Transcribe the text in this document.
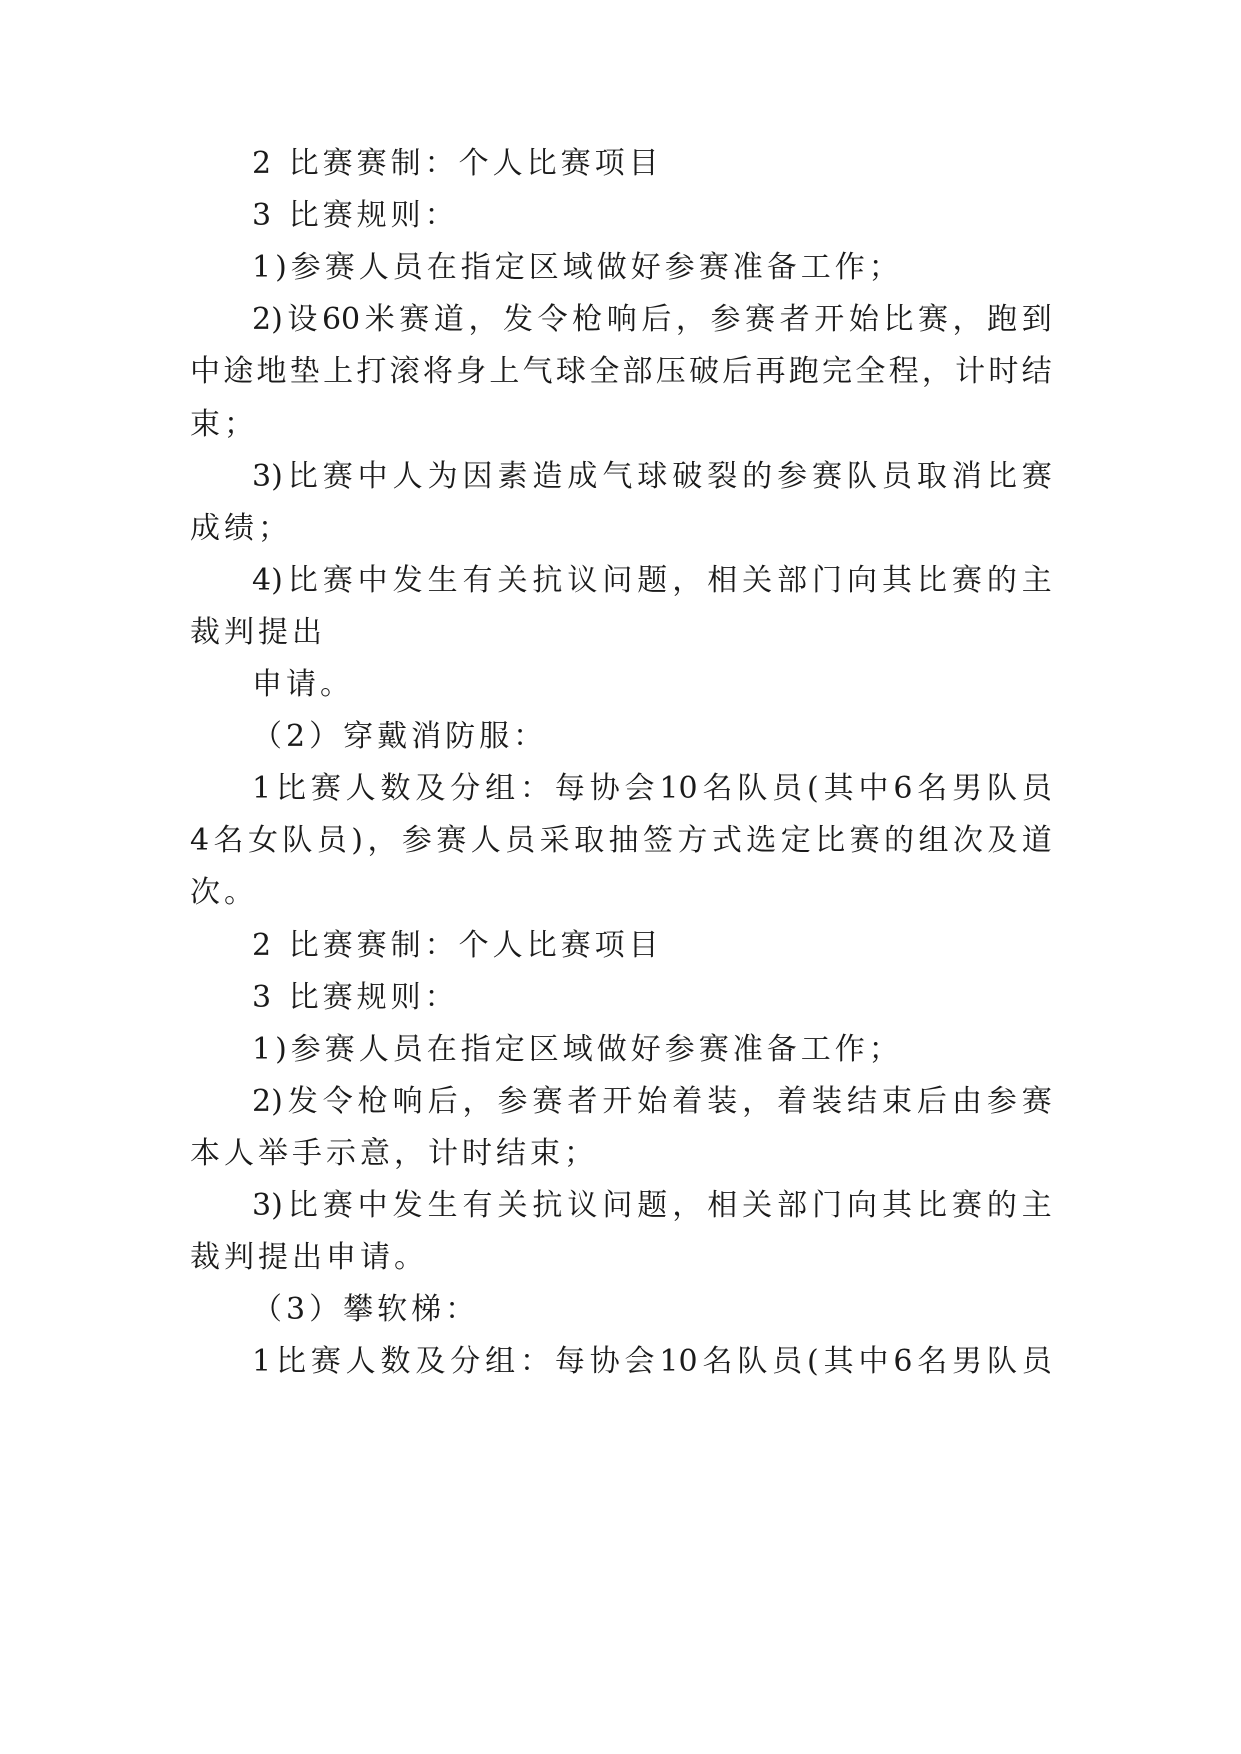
2 比赛赛制：个人比赛项目
3 比赛规则：
1)参赛人员在指定区域做好参赛准备工作；
2) 设 60 米 赛 道 ， 发 令 枪 响 后 ， 参 赛 者 开 始 比 赛 ， 跑 到
中 途 地 垫 上 打 滚 将 身 上 气 球 全 部 压 破 后 再 跑 完 全 程 ， 计 时 结
束；
3) 比 赛 中 人 为 因 素 造 成 气 球 破 裂 的 参 赛 队 员 取 消 比 赛
成绩；
4) 比 赛 中 发 生 有 关 抗 议 问 题 ， 相 关 部 门 向 其 比 赛 的 主
裁判提出
申请。
（2）穿戴消防服：
1 比 赛 人 数 及 分 组 ： 每 协 会 10 名 队 员 ( 其 中 6 名 男 队 员
4 名 女 队 员 ) ， 参 赛 人 员 采 取 抽 签 方 式 选 定 比 赛 的 组 次 及 道
次。
2 比赛赛制：个人比赛项目
3 比赛规则：
1)参赛人员在指定区域做好参赛准备工作；
2) 发 令 枪 响 后 ， 参 赛 者 开 始 着 装 ， 着 装 结 束 后 由 参 赛
本人举手示意，计时结束；
3) 比 赛 中 发 生 有 关 抗 议 问 题 ， 相 关 部 门 向 其 比 赛 的 主
裁判提出申请。
（3）攀软梯：
1 比 赛 人 数 及 分 组 ： 每 协 会 10 名 队 员 ( 其 中 6 名 男 队 员
